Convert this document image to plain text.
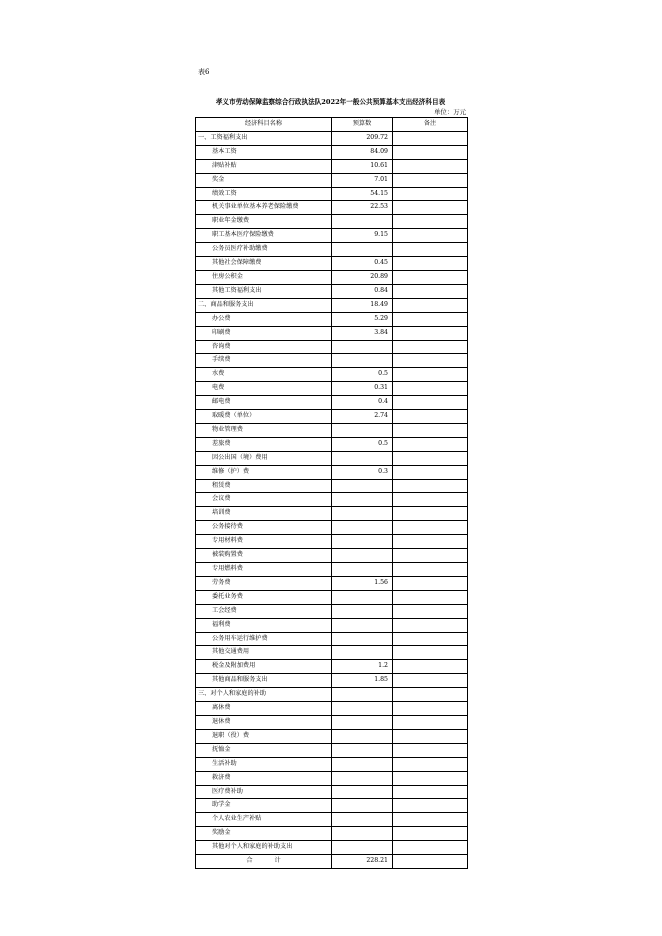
表6
孝义市劳动保障监察综合行政执法队2022年一般公共预算基本支出经济科目表
单位：万元
经济科目名称	预算数	备注
一、工资福利支出	209.72	
基本工资	84.09	
津贴补贴	10.61	
奖金	7.01	
绩效工资	54.15	
机关事业单位基本养老保险缴费	22.53	
职业年金缴费		
职工基本医疗保险缴费	9.15	
公务员医疗补助缴费		
其他社会保障缴费	0.45	
住房公积金	20.89	
其他工资福利支出	0.84	
二、商品和服务支出	18.49	
办公费	5.29	
印刷费	3.84	
咨询费		
手续费		
水费	0.5	
电费	0.31	
邮电费	0.4	
取暖费（单位）	2.74	
物业管理费		
差旅费	0.5	
因公出国（境）费用		
维修（护）费	0.3	
租赁费		
会议费		
培训费		
公务接待费		
专用材料费		
被装购置费		
专用燃料费		
劳务费	1.56	
委托业务费		
工会经费		
福利费		
公务用车运行维护费		
其他交通费用		
税金及附加费用	1.2	
其他商品和服务支出	1.85	
三、对个人和家庭的补助		
离休费		
退休费		
退职（役）费		
抚恤金		
生活补助		
救济费		
医疗费补助		
助学金		
个人农业生产补贴		
奖励金		
其他对个人和家庭的补助支出		
合 计	228.21	
